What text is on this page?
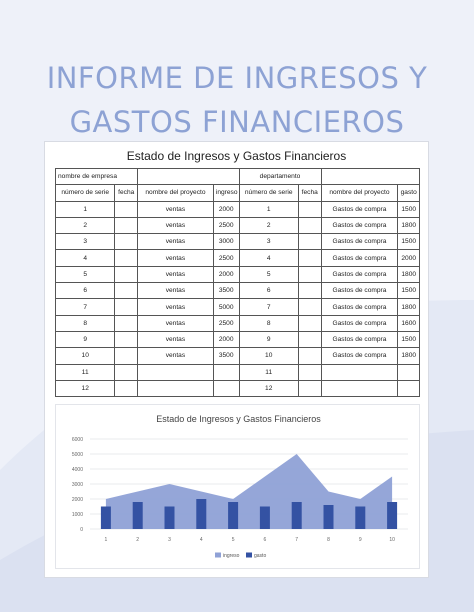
INFORME DE INGRESOS Y
GASTOS FINANCIEROS
Estado de Ingresos y Gastos Financieros
nombre de empresa				departamento			
número de serie	fecha	nombre del proyecto	ingreso	número de serie	fecha	nombre del proyecto	gasto
1		ventas	2000	1		Gastos de compra	1500
2		ventas	2500	2		Gastos de compra	1800
3		ventas	3000	3		Gastos de compra	1500
4		ventas	2500	4		Gastos de compra	2000
5		ventas	2000	5		Gastos de compra	1800
6		ventas	3500	6		Gastos de compra	1500
7		ventas	5000	7		Gastos de compra	1800
8		ventas	2500	8		Gastos de compra	1600
9		ventas	2000	9		Gastos de compra	1500
10		ventas	3500	10		Gastos de compra	1800
11				11			
12				12			
Estado de Ingresos y Gastos Financieros
0
1000
2000
3000
4000
5000
6000
1	2	3	4	5	6	7	8	9	10
ingreso	gasto
